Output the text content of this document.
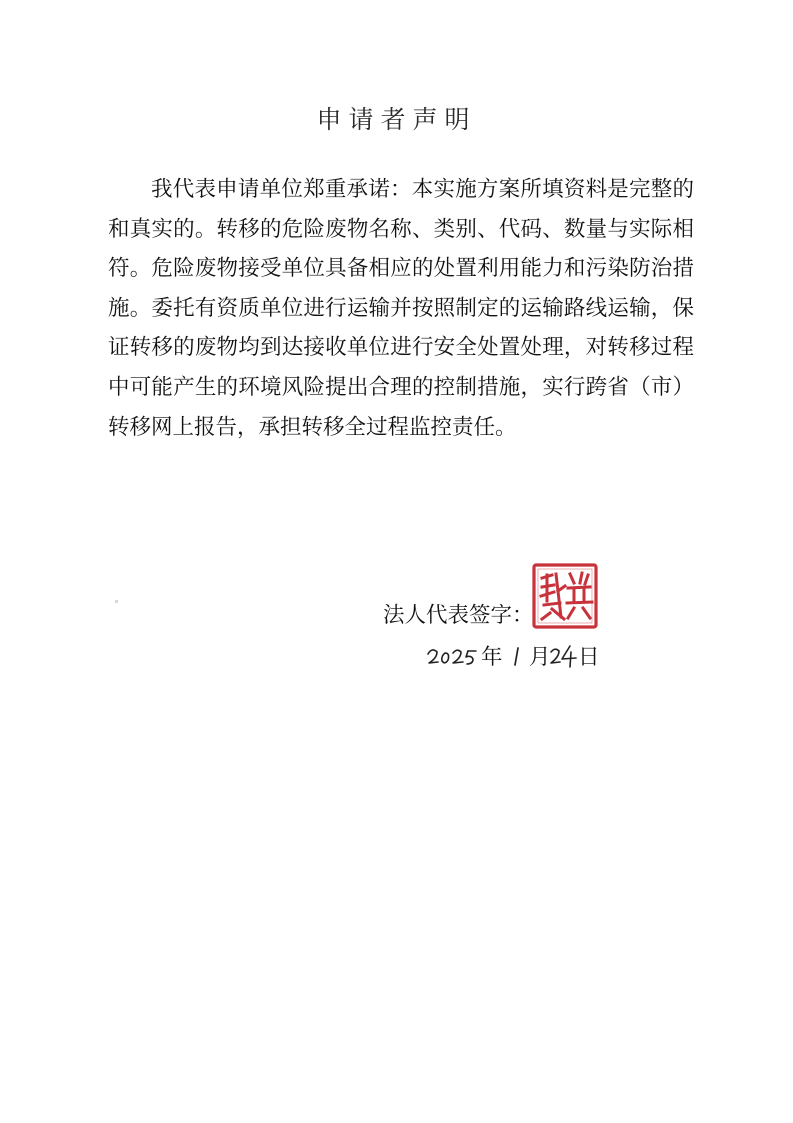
申请者声明

我代表申请单位郑重承诺：本实施方案所填资料是完整的和真实的。转移的危险废物名称、类别、代码、数量与实际相符。危险废物接受单位具备相应的处置利用能力和污染防治措施。委托有资质单位进行运输并按照制定的运输路线运输，保证转移的废物均到达接收单位进行安全处置处理，对转移过程中可能产生的环境风险提出合理的控制措施，实行跨省（市）转移网上报告，承担转移全过程监控责任。

法人代表签字：
年 月 日
